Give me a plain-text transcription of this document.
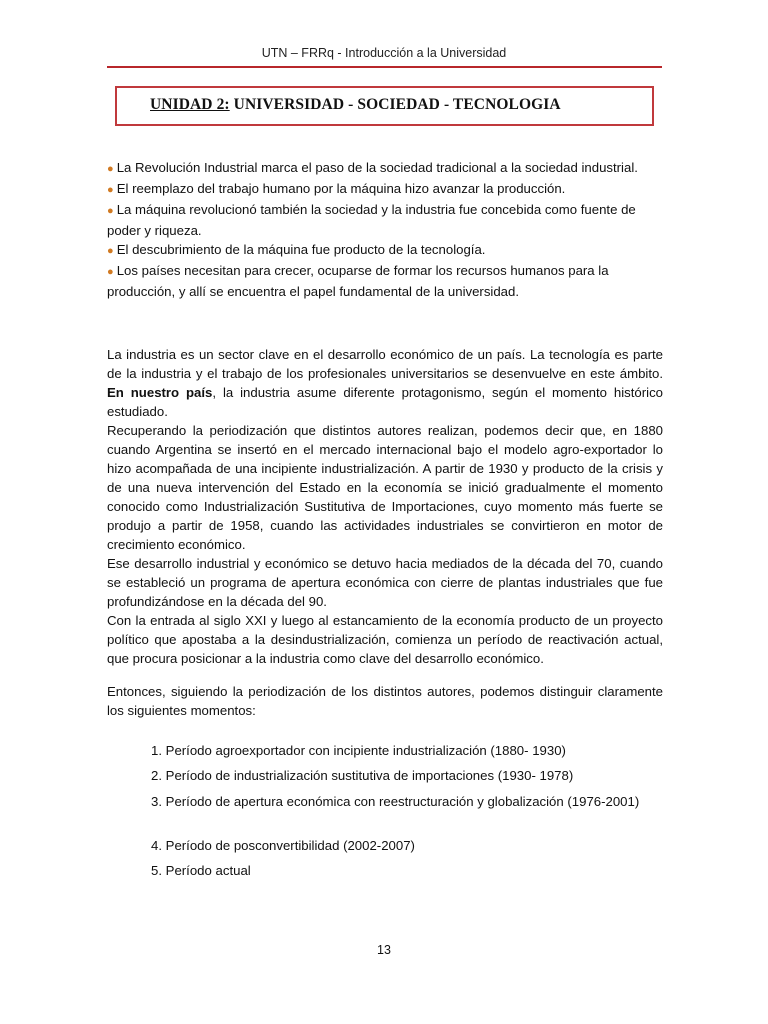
UTN – FRRq - Introducción a la Universidad
UNIDAD 2: UNIVERSIDAD - SOCIEDAD - TECNOLOGIA

● La Revolución Industrial marca el paso de la sociedad tradicional a la sociedad industrial.

● El reemplazo del trabajo humano por la máquina hizo avanzar la producción.

● La máquina revolucionó también la sociedad y la industria fue concebida como fuente de poder y riqueza.

● El descubrimiento de la máquina fue producto de la tecnología.

● Los países necesitan para crecer, ocuparse de formar los recursos humanos para la producción, y allí se encuentra el papel fundamental de la universidad.

La industria es un sector clave en el desarrollo económico de un país. La tecnología es parte de la industria y el trabajo de los profesionales universitarios se desenvuelve en este ámbito. En nuestro país, la industria asume diferente protagonismo, según el momento histórico estudiado.

Recuperando la periodización que distintos autores realizan, podemos decir que, en 1880 cuando Argentina se insertó en el mercado internacional bajo el modelo agro-exportador lo hizo acompañada de una incipiente industrialización. A partir de 1930 y producto de la crisis y de una nueva intervención del Estado en la economía se inició gradualmente el momento conocido como Industrialización Sustitutiva de Importaciones, cuyo momento más fuerte se produjo a partir de 1958, cuando las actividades industriales se convirtieron en motor de crecimiento económico.

Ese desarrollo industrial y económico se detuvo hacia mediados de la década del 70, cuando se estableció un programa de apertura económica con cierre de plantas industriales que fue profundizándose en la década del 90.

Con la entrada al siglo XXI y luego al estancamiento de la economía producto de un proyecto político que apostaba a la desindustrialización, comienza un período de reactivación actual, que procura posicionar a la industria como clave del desarrollo económico.

Entonces, siguiendo la periodización de los distintos autores, podemos distinguir claramente los siguientes momentos:

1. Período agroexportador con incipiente industrialización (1880- 1930)
2. Período de industrialización sustitutiva de importaciones (1930- 1978)
3. Período de apertura económica con reestructuración y globalización (1976-2001)
4. Período de posconvertibilidad (2002-2007)
5. Período actual
13
